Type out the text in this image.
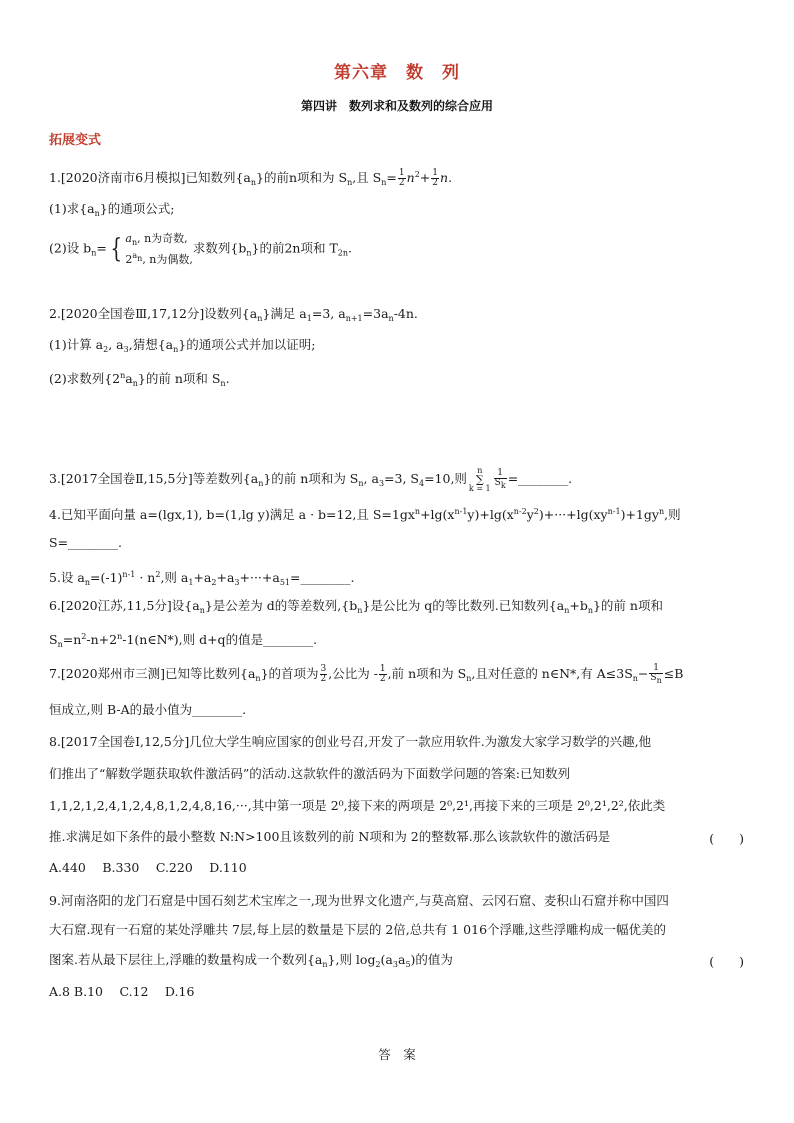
第六章　数　列
第四讲　数列求和及数列的综合应用
拓展变式
1.[2020济南市6月模拟]已知数列$\{a_n\}$的前n项和为 $S_n$,且 $S_n= \frac{1}{2} n^2+ \frac{1}{2} n$.
(1)求$\{a_n\}$的通项公式;
(2)设 $b_n=$ { $a_n$, n为奇数,
$2^{a_n}$, n为偶数,
求数列$\{b_n\}$的前2n项和 $T_{2n}$.
2.[2020全国卷Ⅲ,17,12分]设数列$\{a_n\}$满足 $a_1=3$, $a_{n+1}=3a_n-4n$.
(1)计算 $a_2$, $a_3$,猜想$\{a_n\}$的通项公式并加以证明;
(2)求数列$\{2^na_n\}$的前 n项和 $S_n$.
3.[2017全国卷Ⅱ,15,5分]等差数列$\{a_n\}$的前 n项和为 $S_n$, $a_3=3$, $S_4=10$,则
n
∑
$k = 1 \frac{1}{S_k}$ =________.
4.已知平面向量 a=(lgx,1), b=(1,lg y)满足 a · b=12,且 $S=1gx^n+\lg(x^{n-1}y)+\lg(x^{n-2}y^2)+\cdot\cdot\cdot+\lg(xy^{n-1})+1gy^n$,则
S=________.
5.设 $a_n=(-1)^{n-1} \cdot n^2$,则 $a_1+a_2+a_3+\cdot\cdot\cdot+a_{51}=\_\_\_\_\_\_\_\_$.
6.[2020江苏,11,5分]设$\{a_n\}$是公差为 d的等差数列$,\{b_n\}$是公比为 q的等比数列.已知数列$\{a_n+b_n\}$的前 n项和
$S_n=n^2-n+2^n-1(n\in N*)$,则 d+q的值是________.
7.[2020郑州市三测]已知等比数列$\{a_n\}$的首项为 $\frac{3}{2}$ ,公比为 - $\frac{1}{2}$ ,前 n项和为 $S_n$,且对任意的 n∈N*,有 $A\le 3S_n- \frac{1}{S_n} \le B$
恒成立,则 B-A的最小值为________.
8.[2017全国卷Ⅰ,12,5分]几位大学生响应国家的创业号召,开发了一款应用软件.为激发大家学习数学的兴趣,他
们推出了“解数学题获取软件激活码”的活动.这款软件的激活码为下面数学问题的答案:已知数列
1,1,2,1,2,4,1,2,4,8,1,2,4,8,16,···,其中第一项是 2⁰,接下来的两项是 2⁰,2¹,再接下来的三项是 2⁰,2¹,2²,依此类
推.求满足如下条件的最小整数 N:N>100且该数列的前 N项和为 2的整数幂.那么该款软件的激活码是	(　　)
A.440　 B.330　 C.220　 D.110
9.河南洛阳的龙门石窟是中国石刻艺术宝库之一,现为世界文化遗产,与莫高窟、云冈石窟、麦积山石窟并称中国四
大石窟.现有一石窟的某处浮雕共 7层,每上层的数量是下层的 2倍,总共有 1 016个浮雕,这些浮雕构成一幅优美的
图案.若从最下层往上,浮雕的数量构成一个数列$\{a_n\}$,则 $\log_2(a_3a_5)$的值为	(　　)
A.8 B.10　 C.12　 D.16
答　案
